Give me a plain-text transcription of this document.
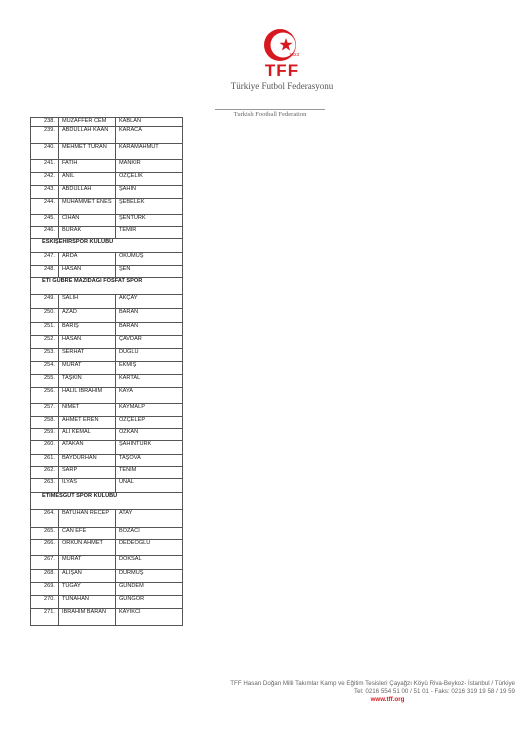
1923
TFF
Türkiye Futbol Federasyonu
Turkish Football Federation
238.	MUZAFFER CEM	KABLAN
239.	ABDULLAH KAAN	KARACA
240.	MEHMET TURAN	KARAMAHMUT
241.	FATİH	MANKIR
242.	ANIL	ÖZÇELİK
243.	ABDULLAH	ŞAHİN
244.	MUHAMMET ENES	ŞEBELEK
245.	CİHAN	ŞENTÜRK
246.	BURAK	TEMİR

ESKİŞEHİRSPOR KULÜBÜ		

247.	ARDA	OKUMUŞ
248.	HASAN	ŞEN

ETİ GÜBRE MAZIDAĞI FOSFAT SPOR		

249.	SALİH	AKÇAY
250.	AZAD	BARAN
251.	BARIŞ	BARAN
252.	HASAN	ÇAVDAR
253.	SERHAT	DUĞLU
254.	MURAT	EKMİŞ
255.	TAŞKIN	KARTAL
256.	HALİL İBRAHİM	KAYA
257.	NİMET	KAYMALP
258.	AHMET EREN	ÖZÇELEP
259.	ALİ KEMAL	ÖZKAN
260.	ATAKAN	ŞAHİNTÜRK
261.	BAYDURHAN	TAŞOVA
262.	SARP	TENİM
263.	İLYAS	ÜNAL

ETİMESGUT SPOR KULÜBÜ		

264.	BATUHAN RECEP	ATAY
265.	CAN EFE	BOZACI
266.	ORKUN AHMET	DEDEOĞLU
267.	MURAT	DOKSAL
268.	ALİŞAN	DURMUŞ
269.	TUGAY	GÜNDEM
270.	TUNAHAN	GÜNGÖR
271.	İBRAHİM BARAN	KAYIKCI
TFF Hasan Doğan Milli Takımlar Kamp ve Eğitim Tesisleri Çayağzı Köyü Riva-Beykoz- İstanbul / Türkiye
Tel: 0216 554 51 00 / 51 01 - Faks: 0216 319 19 58 / 19 59
www.tff.org
